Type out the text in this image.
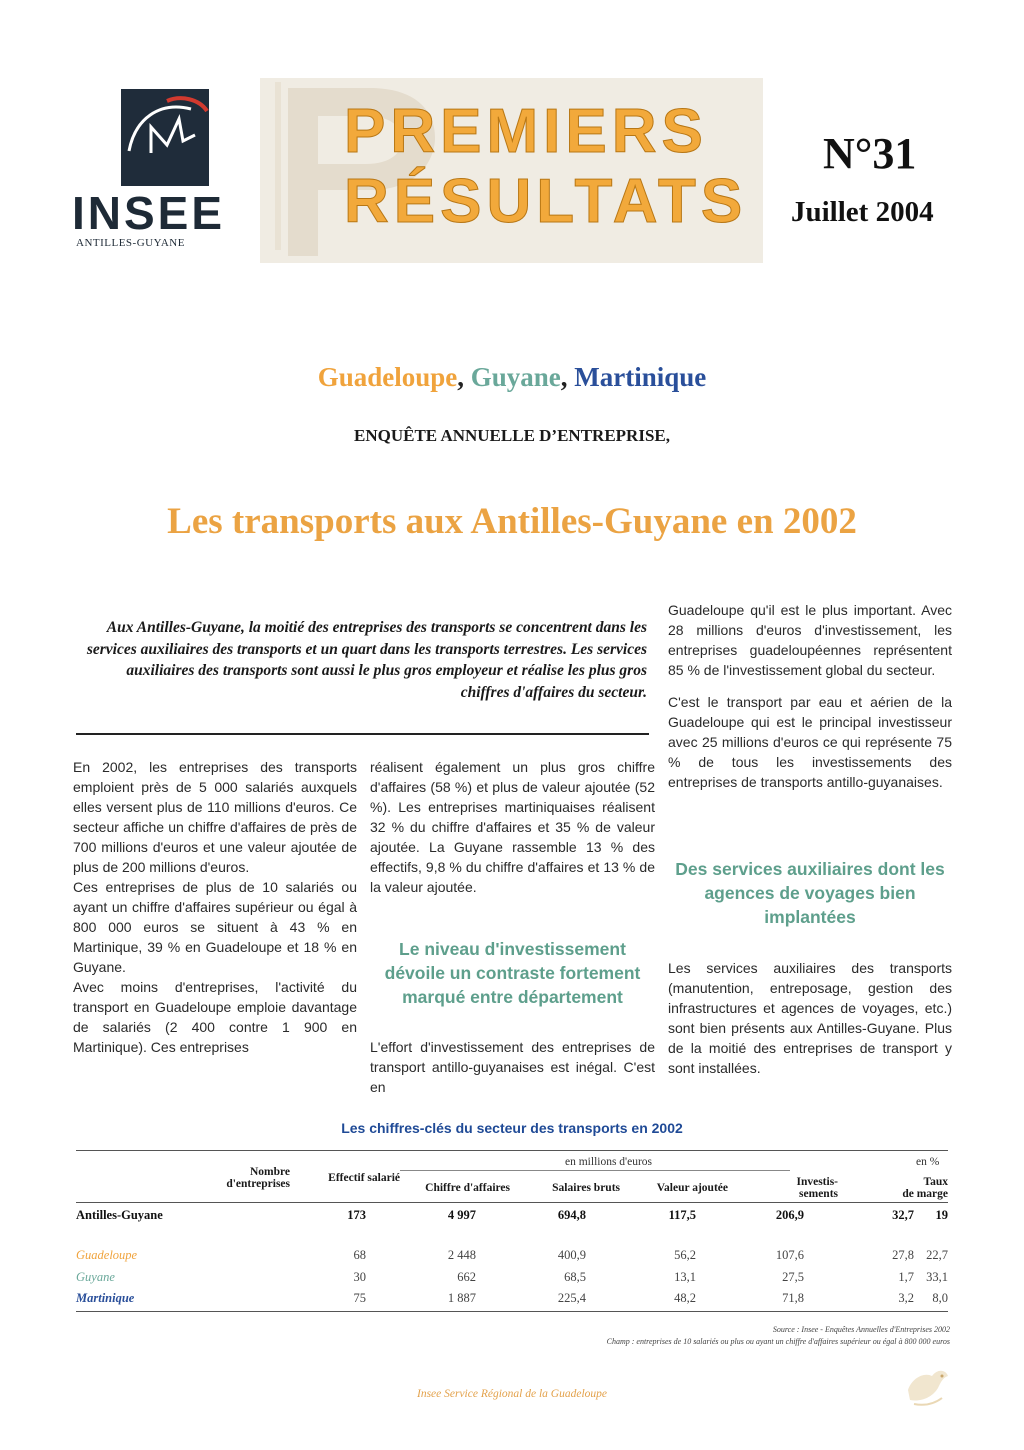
INSEE
ANTILLES-GUYANE
PREMIERS
RÉSULTATS
N°31
Juillet 2004
Guadeloupe, Guyane, Martinique
ENQUÊTE ANNUELLE D’ENTREPRISE,
Les transports aux Antilles-Guyane en 2002
Aux Antilles-Guyane, la moitié des entreprises des transports se concentrent dans les services auxiliaires des transports et un quart dans les transports terrestres. Les services auxiliaires des transports sont aussi le plus gros employeur et réalise les plus gros chiffres d'affaires du secteur.

En 2002, les entreprises des transports emploient près de 5 000 salariés auxquels elles versent plus de 110 millions d'euros. Ce secteur affiche un chiffre d'affaires de près de 700 millions d'euros et une valeur ajoutée de plus de 200 millions d'euros.

Ces entreprises de plus de 10 salariés ou ayant un chiffre d'affaires supérieur ou égal à 800 000 euros se situent à 43 % en Martinique, 39 % en Guadeloupe et 18 % en Guyane.

Avec moins d'entreprises, l'activité du transport en Guadeloupe emploie davantage de salariés (2 400 contre 1 900 en Martinique). Ces entreprises

réalisent également un plus gros chiffre d'affaires (58 %) et plus de valeur ajoutée (52 %). Les entreprises martiniquaises réalisent 32 % du chiffre d'affaires et 35 % de valeur ajoutée. La Guyane rassemble 13 % des effectifs, 9,8 % du chiffre d'affaires et 13 % de la valeur ajoutée.

Le niveau d'investissement dévoile un contraste fortement marqué entre département

L'effort d'investissement des entreprises de transport antillo-guyanaises est inégal. C'est en

Guadeloupe qu'il est le plus important. Avec 28 millions d'euros d'investissement, les entreprises guadeloupéennes représentent 85 % de l'investissement global du secteur.

C'est le transport par eau et aérien de la Guadeloupe qui est le principal investisseur avec 25 millions d'euros ce qui représente 75 % de tous les investissements des entreprises de transports antillo-guyanaises.

Des services auxiliaires dont les agences de voyages bien implantées

Les services auxiliaires des transports (manutention, entreposage, gestion des infrastructures et agences de voyages, etc.) sont bien présents aux Antilles-Guyane. Plus de la moitié des entreprises de transport y sont installées.

Les chiffres-clés du secteur des transports en 2002
en millions d'euros	en %
Nombre
d'entreprises	Effectif salarié
Chiffre d'affaires	Salaires bruts	Valeur ajoutée	Investis-
sements
Taux
de marge
Antilles-Guyane	173	4 997	694,8	117,5	206,9	32,7	19
Guadeloupe	68	2 448	400,9	56,2	107,6	27,8 22,7
Guyane	30	662	68,5	13,1	27,5	1,7 33,1
Martinique	75	1 887	225,4	48,2	71,8	3,2	8,0
Source : Insee - Enquêtes Annuelles d'Entreprises 2002
Champ : entreprises de 10 salariés ou plus ou ayant un chiffre d'affaires supérieur ou égal à 800 000 euros
Insee Service Régional de la Guadeloupe
